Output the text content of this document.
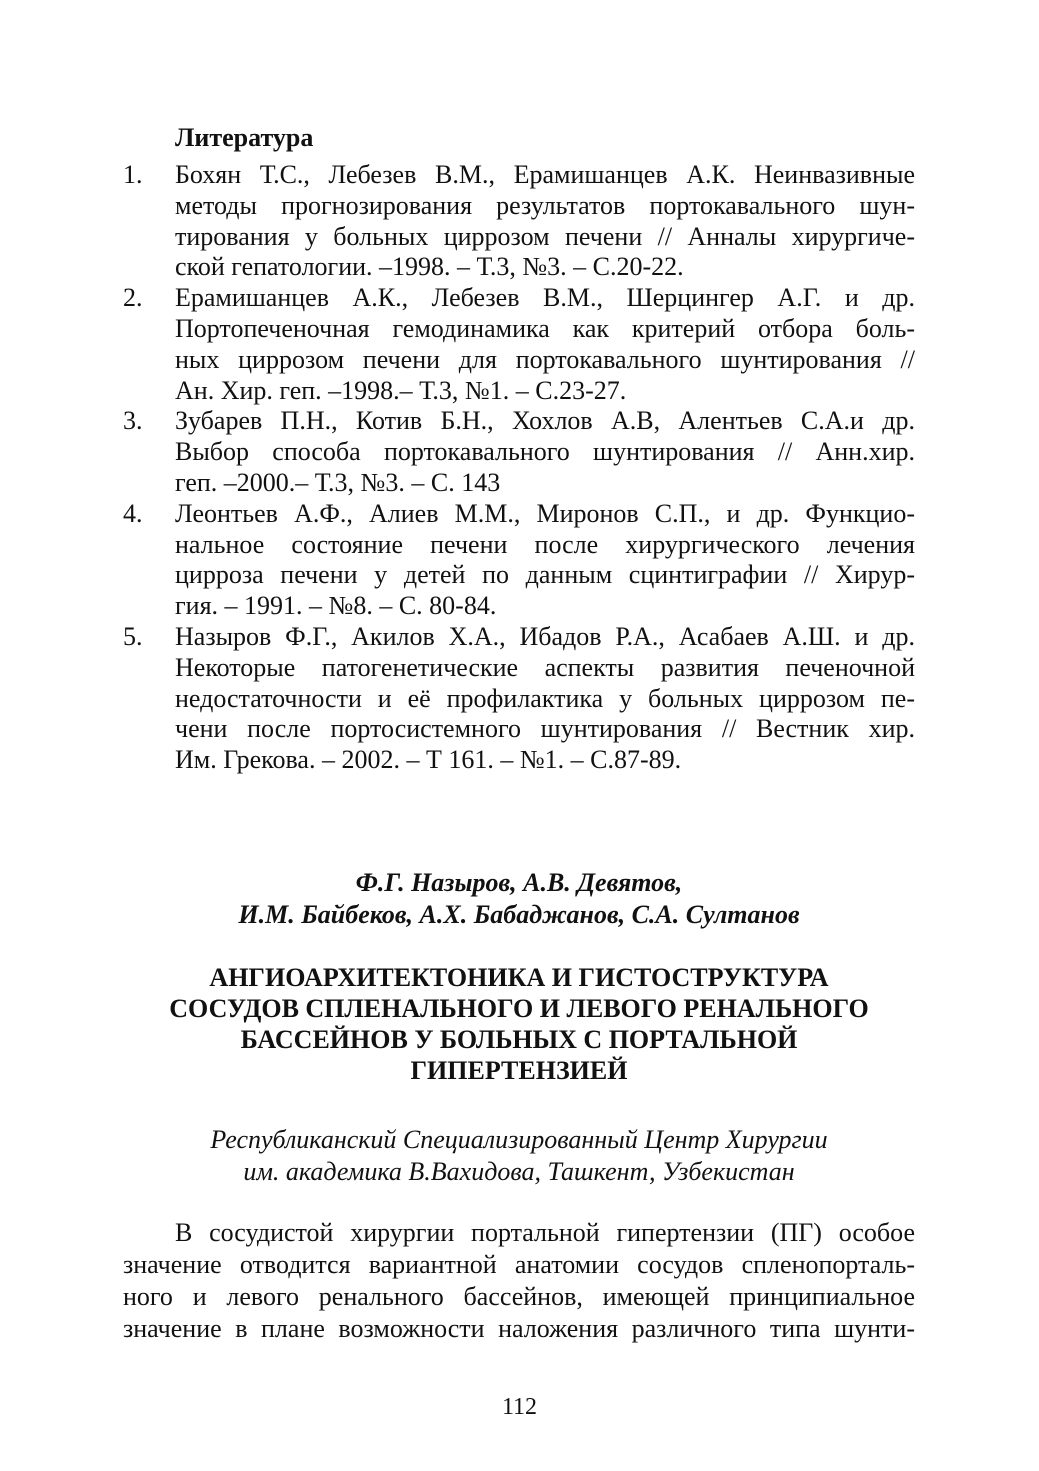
Литература
1. Бохян Т.С., Лебезев В.М., Ерамишанцев А.К. Неинвазивные
методы прогнозирования результатов портокавального шун-
тирования у больных циррозом печени // Анналы хирургиче-
ской гепатологии. –1998. – Т.3, №3. – С.20-22.
2. Ерамишанцев А.К., Лебезев В.М., Шерцингер А.Г. и др.
Портопеченочная гемодинамика как критерий отбора боль-
ных циррозом печени для портокавального шунтирования //
Ан. Хир. геп. –1998.– Т.3, №1. – С.23-27.
3. Зубарев П.Н., Котив Б.Н., Хохлов А.В, Алентьев С.А.и др.
Выбор способа портокавального шунтирования // Анн.хир.
геп. –2000.– Т.3, №3. – С. 143
4. Леонтьев А.Ф., Алиев М.М., Миронов С.П., и др. Функцио-
нальное состояние печени после хирургического лечения
цирроза печени у детей по данным сцинтиграфии // Хирур-
гия. – 1991. – №8. – С. 80-84.
5. Назыров Ф.Г., Акилов Х.А., Ибадов Р.А., Асабаев А.Ш. и др.
Некоторые патогенетические аспекты развития печеночной
недостаточности и её профилактика у больных циррозом пе-
чени после портосистемного шунтирования // Вестник хир.
Им. Грекова. – 2002. – Т 161. – №1. – С.87-89.
Ф.Г. Назыров, А.В. Девятов,
И.М. Байбеков, А.Х. Бабаджанов, С.А. Султанов
АНГИОАРХИТЕКТОНИКА И ГИСТОСТРУКТУРА
СОСУДОВ СПЛЕНАЛЬНОГО И ЛЕВОГО РЕНАЛЬНОГО
БАССЕЙНОВ У БОЛЬНЫХ С ПОРТАЛЬНОЙ
ГИПЕРТЕНЗИЕЙ
Республиканский Специализированный Центр Хирургии
им. академика В.Вахидова, Ташкент, Узбекистан
В сосудистой хирургии портальной гипертензии (ПГ) особое
значение отводится вариантной анатомии сосудов спленопорталь-
ного и левого ренального бассейнов, имеющей принципиальное
значение в плане возможности наложения различного типа шунти-
112
